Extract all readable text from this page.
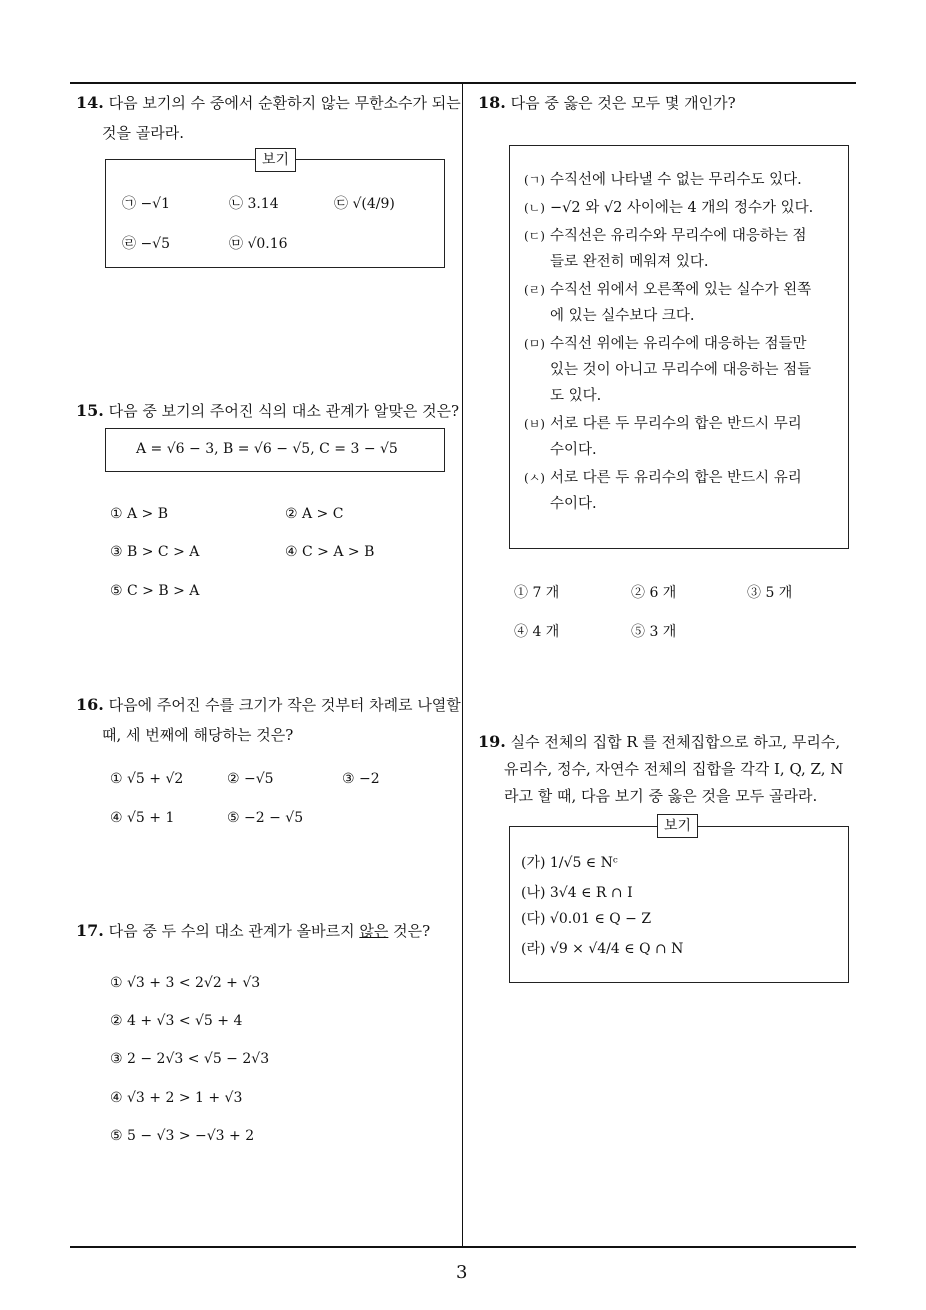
14. 다음 보기의 수 중에서 순환하지 않는 무한소수가 되는
것을 골라라.
보기
㉠ −√1	㉡ 3.14	㉢ √(4/9)
㉣ −√5	㉤ √0.16
15. 다음 중 보기의 주어진 식의 대소 관계가 알맞은 것은?
A = √6 − 3, B = √6 − √5, C = 3 − √5
① A > B	② A > C
③ B > C > A	④ C > A > B
⑤ C > B > A
16. 다음에 주어진 수를 크기가 작은 것부터 차례로 나열할
때, 세 번째에 해당하는 것은?
① √5 + √2	② −√5	③ −2
④ √5 + 1	⑤ −2 − √5
17. 다음 중 두 수의 대소 관계가 올바르지 않은 것은?
① √3 + 3 < 2√2 + √3
② 4 + √3 < √5 + 4
③ 2 − 2√3 < √5 − 2√3
④ √3 + 2 > 1 + √3
⑤ 5 − √3 > −√3 + 2
18. 다음 중 옳은 것은 모두 몇 개인가?
(ㄱ) 수직선에 나타낼 수 없는 무리수도 있다.
(ㄴ) −√2 와 √2 사이에는 4 개의 정수가 있다.
(ㄷ) 수직선은 유리수와 무리수에 대응하는 점
들로 완전히 메워져 있다.
(ㄹ) 수직선 위에서 오른쪽에 있는 실수가 왼쪽
에 있는 실수보다 크다.
(ㅁ) 수직선 위에는 유리수에 대응하는 점들만
있는 것이 아니고 무리수에 대응하는 점들
도 있다.
(ㅂ) 서로 다른 두 무리수의 합은 반드시 무리
수이다.
(ㅅ) 서로 다른 두 유리수의 합은 반드시 유리
수이다.
① 7 개	② 6 개	③ 5 개
④ 4 개	⑤ 3 개
19. 실수 전체의 집합 R 를 전체집합으로 하고, 무리수,
유리수, 정수, 자연수 전체의 집합을 각각 I, Q, Z, N
라고 할 때, 다음 보기 중 옳은 것을 모두 골라라.
보기
(가) 1/√5 ∈ Nᶜ
(나) 3√4 ∈ R ∩ I
(다) √0.01 ∈ Q − Z
(라) √9 × √4/4 ∈ Q ∩ N
3
